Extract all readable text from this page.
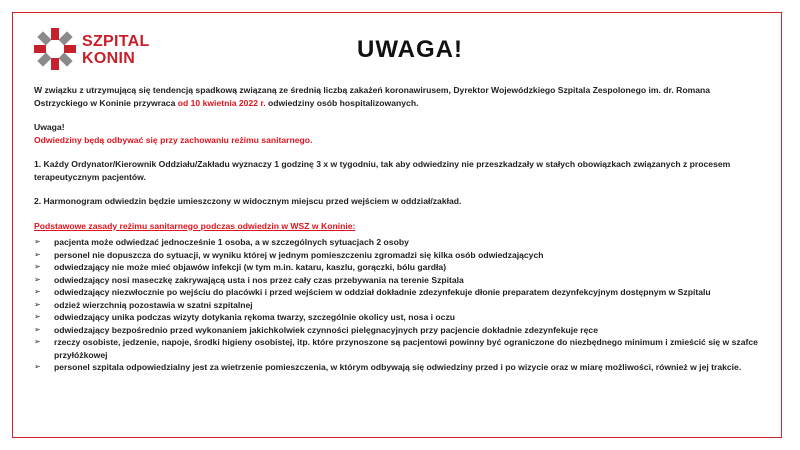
SZPITAL
KONIN	UWAGA!

W związku z utrzymującą się tendencją spadkową związaną ze średnią liczbą zakażeń koronawirusem, Dyrektor Wojewódzkiego Szpitala Zespolonego im. dr. Romana Ostrzyckiego w Koninie przywraca od 10 kwietnia 2022 r. odwiedziny osób hospitalizowanych.

Uwaga!

Odwiedziny będą odbywać się przy zachowaniu reżimu sanitarnego.

1. Każdy Ordynator/Kierownik Oddziału/Zakładu wyznaczy 1 godzinę 3 x w tygodniu, tak aby odwiedziny nie przeszkadzały w stałych obowiązkach związanych z procesem terapeutycznym pacjentów.

2. Harmonogram odwiedzin będzie umieszczony w widocznym miejscu przed wejściem w oddział/zakład.

Podstawowe zasady reżimu sanitarnego podczas odwiedzin w WSZ w Koninie:

➢ pacjenta może odwiedzać jednocześnie 1 osoba, a w szczególnych sytuacjach 2 osoby
➢ personel nie dopuszcza do sytuacji, w wyniku której w jednym pomieszczeniu zgromadzi się kilka osób odwiedzających
➢ odwiedzający nie może mieć objawów infekcji (w tym m.in. kataru, kaszlu, gorączki, bólu gardła)
➢ odwiedzający nosi maseczkę zakrywającą usta i nos przez cały czas przebywania na terenie Szpitala
➢ odwiedzający niezwłocznie po wejściu do placówki i przed wejściem w oddział dokładnie zdezynfekuje dłonie preparatem dezynfekcyjnym dostępnym w Szpitalu
➢ odzież wierzchnią pozostawia w szatni szpitalnej
➢ odwiedzający unika podczas wizyty dotykania rękoma twarzy, szczególnie okolicy ust, nosa i oczu
➢ odwiedzający bezpośrednio przed wykonaniem jakichkolwiek czynności pielęgnacyjnych przy pacjencie dokładnie zdezynfekuje ręce
➢ rzeczy osobiste, jedzenie, napoje, środki higieny osobistej, itp. które przynoszone są pacjentowi powinny być ograniczone do niezbędnego minimum i zmieścić się w szafce przyłóżkowej
➢ personel szpitala odpowiedzialny jest za wietrzenie pomieszczenia, w którym odbywają się odwiedziny przed i po wizycie oraz w miarę możliwości, również w jej trakcie.
